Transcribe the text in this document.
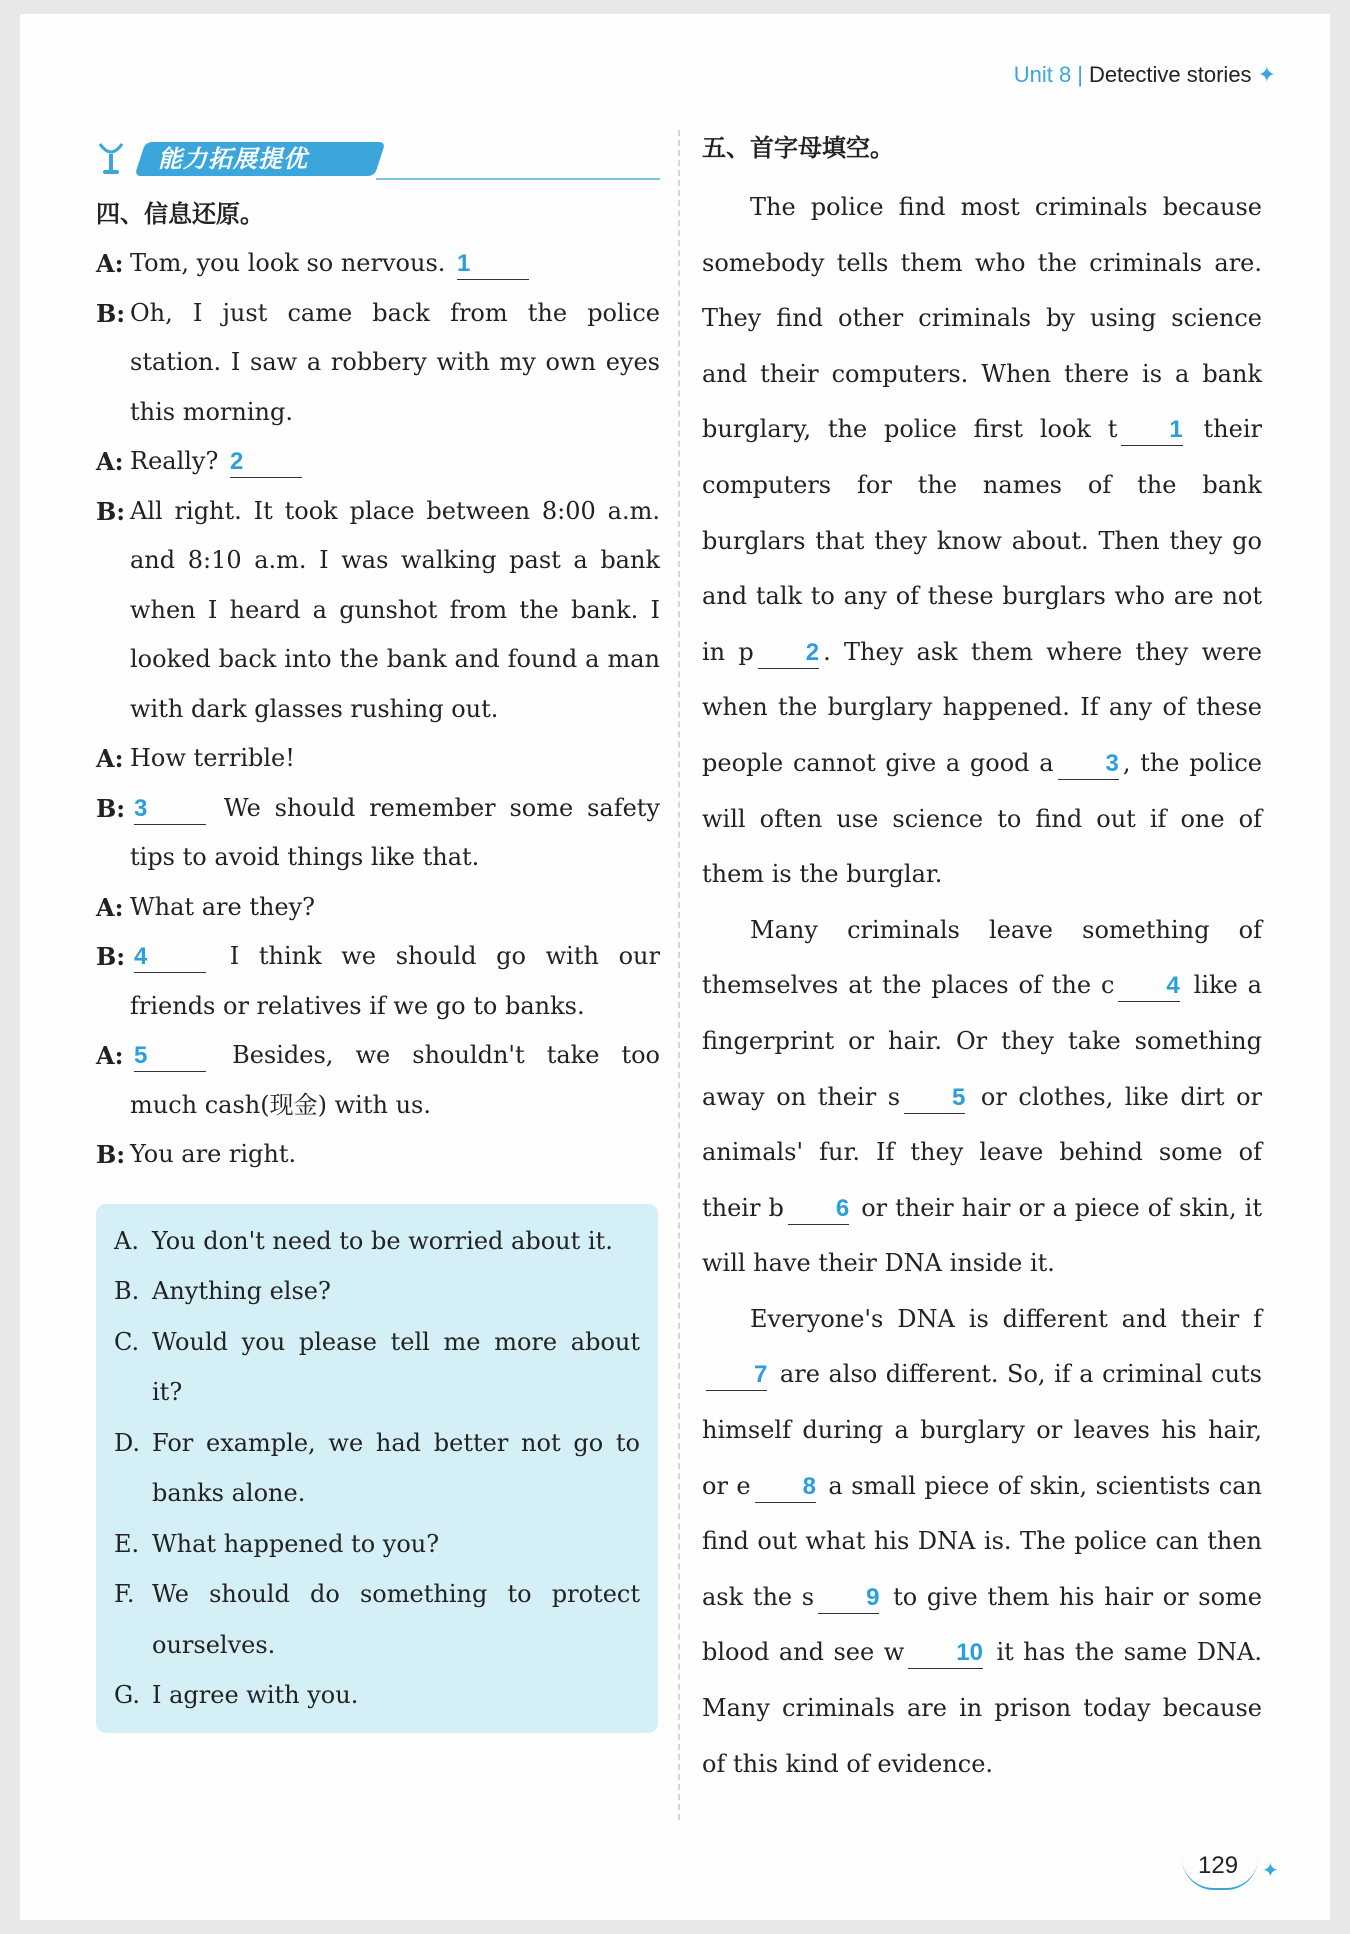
Unit 8 | Detective stories ✦
能力拓展提优
四、信息还原。
A: Tom, you look so nervous. 1
B: Oh, I just came back from the police station. I saw a robbery with my own eyes this morning.
A: Really? 2
B: All right. It took place between 8:00 a.m. and 8:10 a.m. I was walking past a bank when I heard a gunshot from the bank. I looked back into the bank and found a man with dark glasses rushing out.
A: How terrible!
B: 3	We should remember some safety tips to avoid things like that.
A: What are they?
B: 4	I think we should go with our friends or relatives if we go to banks.
A: 5	Besides, we shouldn't take too much cash(现金) with us.
B: You are right.
A. You don't need to be worried about it.
B. Anything else?
C. Would you please tell me more about it?
D. For example, we had better not go to banks alone.
E. What happened to you?
F. We should do something to protect ourselves.
G. I agree with you.
五、首字母填空。

The police find most criminals because somebody tells them who the criminals are. They find other criminals by using science and their computers. When there is a bank burglary, the police first look t 1 their computers for the names of the bank burglars that they know about. Then they go and talk to any of these burglars who are not in p 2 . They ask them where they were when the burglary happened. If any of these people cannot give a good a 3 , the police will often use science to find out if one of them is the burglar.

Many criminals leave something of themselves at the places of the c 4 like a fingerprint or hair. Or they take something away on their s 5 or clothes, like dirt or animals' fur. If they leave behind some of their b 6 or their hair or a piece of skin, it will have their DNA inside it.

Everyone's DNA is different and their f7 are also different. So, if a criminal cuts himself during a burglary or leaves his hair, or e 8 a small piece of skin, scientists can find out what his DNA is. The police can then ask the s 9 to give them his hair or some blood and see w 10 it has the same DNA. Many criminals are in prison today because of this kind of evidence.

129 ✦
